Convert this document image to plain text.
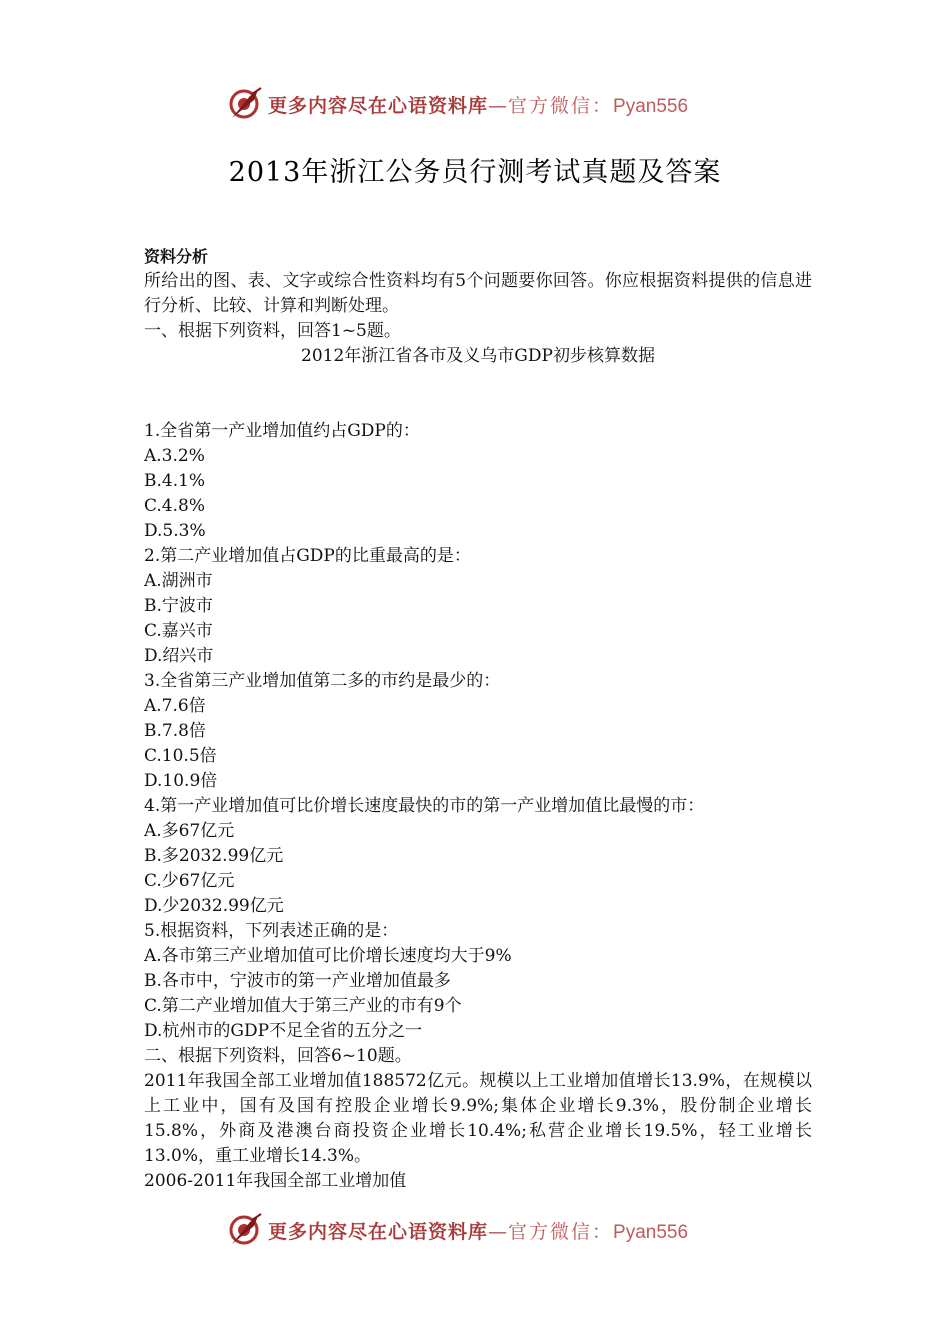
更多内容尽在心语资料库—官方微信：Pyan556
2013年浙江公务员行测考试真题及答案

资料分析

所给出的图、表、文字或综合性资料均有5个问题要你回答。你应根据资料提供的信息进行分析、比较、计算和判断处理。

一、根据下列资料，回答1~5题。

2012年浙江省各市及义乌市GDP初步核算数据

1.全省第一产业增加值约占GDP的：

A.3.2%

B.4.1%

C.4.8%

D.5.3%

2.第二产业增加值占GDP的比重最高的是：

A.湖洲市

B.宁波市

C.嘉兴市

D.绍兴市

3.全省第三产业增加值第二多的市约是最少的：

A.7.6倍

B.7.8倍

C.10.5倍

D.10.9倍

4.第一产业增加值可比价增长速度最快的市的第一产业增加值比最慢的市：

A.多67亿元

B.多2032.99亿元

C.少67亿元

D.少2032.99亿元

5.根据资料，下列表述正确的是：

A.各市第三产业增加值可比价增长速度均大于9%

B.各市中，宁波市的第一产业增加值最多

C.第二产业增加值大于第三产业的市有9个

D.杭州市的GDP不足全省的五分之一

二、根据下列资料，回答6~10题。

2011年我国全部工业增加值188572亿元。规模以上工业增加值增长13.9%，在规模以上工业中，国有及国有控股企业增长9.9%;集体企业增长9.3%，股份制企业增长15.8%，外商及港澳台商投资企业增长10.4%;私营企业增长19.5%，轻工业增长13.0%，重工业增长14.3%。

2006-2011年我国全部工业增加值

更多内容尽在心语资料库—官方微信：Pyan556
